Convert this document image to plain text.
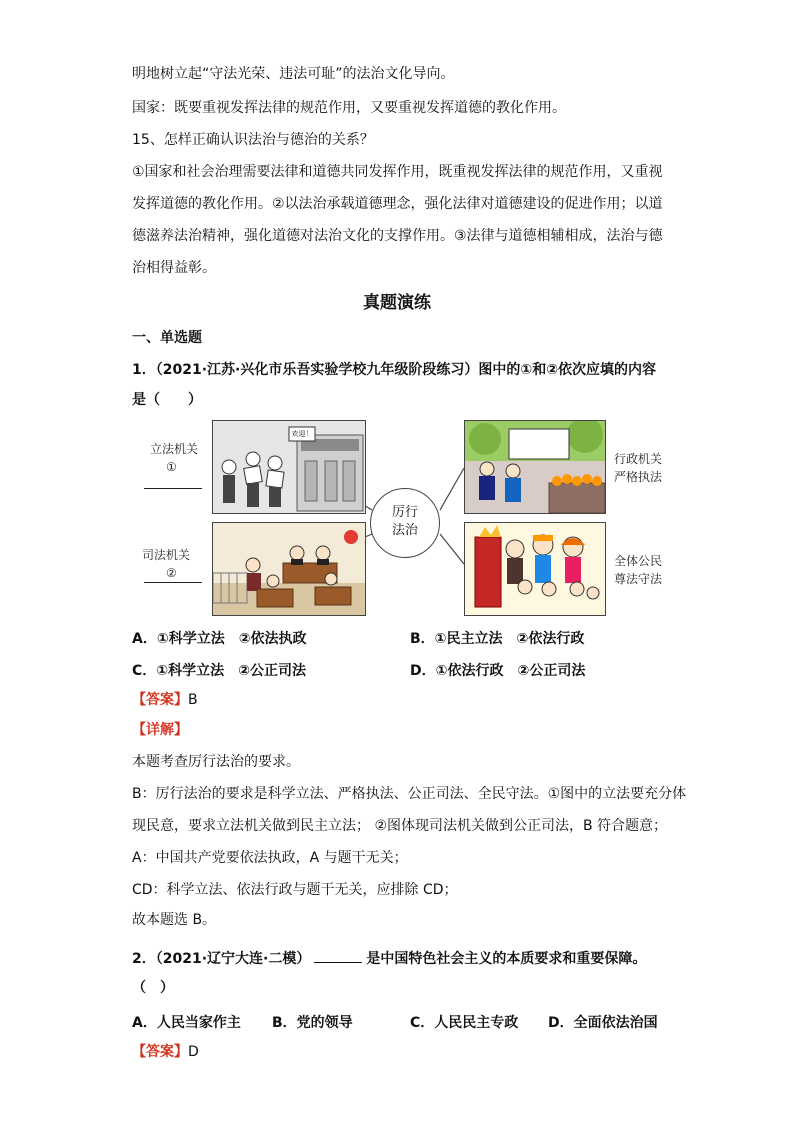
明地树立起“守法光荣、违法可耻”的法治文化导向。
国家：既要重视发挥法律的规范作用，又要重视发挥道德的教化作用。
15、怎样正确认识法治与德治的关系？
①国家和社会治理需要法律和道德共同发挥作用，既重视发挥法律的规范作用，又重视
发挥道德的教化作用。②以法治承载道德理念，强化法律对道德建设的促进作用；以道
德滋养法治精神，强化道德对法治文化的支撑作用。③法律与道德相辅相成，法治与德
治相得益彰。
真题演练
一、单选题
1．（2021·江苏·兴化市乐吾实验学校九年级阶段练习）图中的①和②依次应填的内容
是（　　）
立法机关
①
司法机关
②
欢迎！
厉行
法治
行政机关
严格执法
全体公民
尊法守法
A．①科学立法　②依法执政	B．①民主立法　②依法行政
C．①科学立法　②公正司法	D．①依法行政　②公正司法
【答案】B
【详解】
本题考查厉行法治的要求。
B：厉行法治的要求是科学立法、严格执法、公正司法、全民守法。①图中的立法要充分体
现民意，要求立法机关做到民主立法； ②图体现司法机关做到公正司法，B 符合题意；
A：中国共产党要依法执政，A 与题干无关；
CD：科学立法、依法行政与题干无关，应排除 CD；
故本题选 B。
2．（2021·辽宁大连·二模）	是中国特色社会主义的本质要求和重要保障。
（　）
A．人民当家作主 B．党的领导	C．人民民主专政 D．全面依法治国
【答案】D
